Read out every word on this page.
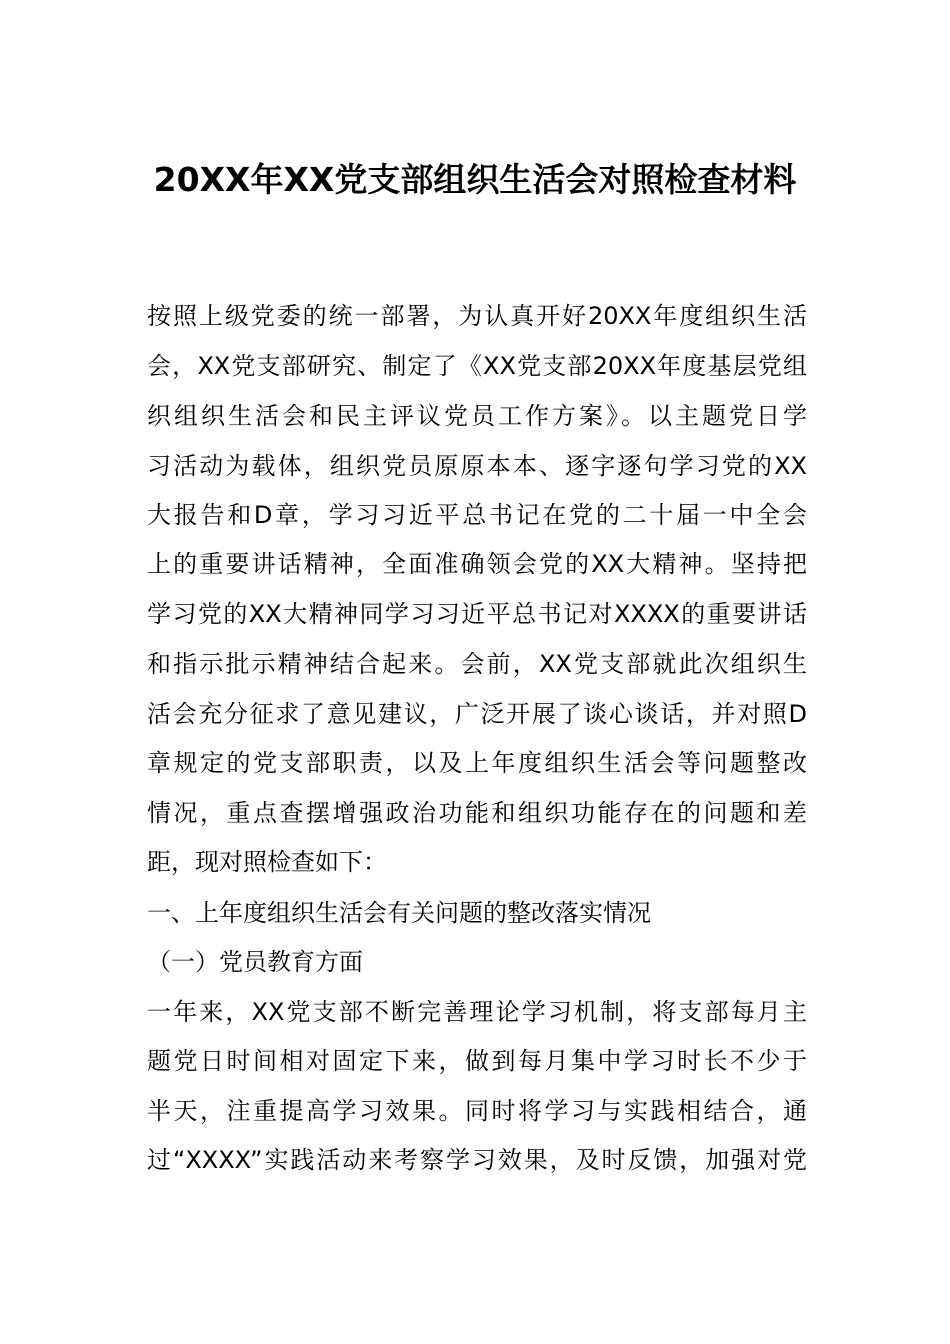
20XX年XX党支部组织生活会对照检查材料
按照上级党委的统一部署，为认真开好20XX年度组织生活
会，XX党支部研究、制定了《XX党支部20XX年度基层党组
织组织生活会和民主评议党员工作方案》。以主题党日学
习活动为载体，组织党员原原本本、逐字逐句学习党的XX
大报告和D章，学习习近平总书记在党的二十届一中全会
上的重要讲话精神，全面准确领会党的XX大精神。坚持把
学习党的XX大精神同学习习近平总书记对XXXX的重要讲话
和指示批示精神结合起来。会前，XX党支部就此次组织生
活会充分征求了意见建议，广泛开展了谈心谈话，并对照D
章规定的党支部职责，以及上年度组织生活会等问题整改
情况，重点查摆增强政治功能和组织功能存在的问题和差
距，现对照检查如下：
一、上年度组织生活会有关问题的整改落实情况
（一）党员教育方面
一年来，XX党支部不断完善理论学习机制，将支部每月主
题党日时间相对固定下来，做到每月集中学习时长不少于
半天，注重提高学习效果。同时将学习与实践相结合，通
过“XXXX”实践活动来考察学习效果，及时反馈，加强对党
